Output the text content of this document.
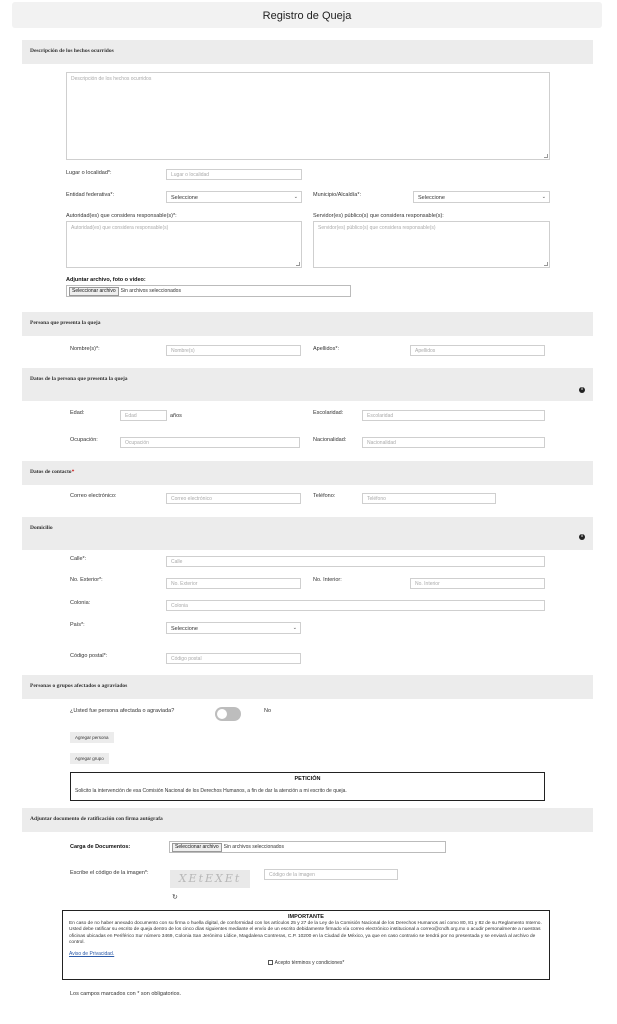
Registro de Queja
Descripción de los hechos ocurridos
Descripción de los hechos ocurridos
Lugar o localidad*:	Lugar o localidad
Entidad federativa*:	Seleccione	⌄	Municipio/Alcaldía*:	Seleccione	⌄
Autoridad(es) que considera responsable(s)*:
Autoridad(es) que considera responsable(s)
Servidor(es) público(s) que considera responsable(s):
Servidor(es) público(s) que considera responsable(s)
Adjuntar archivo, foto o video:
Seleccionar archivo Sin archivos seleccionados
Persona que presenta la queja
Nombre(s)*:	Nombre(s)	Apellidos*:	Apellidos
Datos de la persona que presenta la queja
i
Edad:	Edad	años	Escolaridad:	Escolaridad
Ocupación:	Ocupación	Nacionalidad:	Nacionalidad
Datos de contacto*
Correo electrónico:	Correo electrónico	Teléfono:	Teléfono
Domicilio
i
Calle*:	Calle
No. Exterior*:
No. Exterior
No. Interior:
No. Interior
Colonia:	Colonia
País*:
Seleccione	⌄
Código postal*:	Código postal
Personas o grupos afectados o agraviados
¿Usted fue persona afectada o agraviada?	No
Agregar persona
Agregar grupo
PETICIÓN
Solicito la intervención de esa Comisión Nacional de los Derechos Humanos, a fin de dar la atención a mi escrito de queja.
Adjuntar documento de ratificación con firma autógrafa
Carga de Documentos:	Seleccionar archivo Sin archivos seleccionados
Escribe el código de la imagen*:	XEtEXEt	Código de la imagen
↻
IMPORTANTE
En caso de no haber anexado documento con su firma o huella digital, de conformidad con los artículos 25 y 27 de la Ley de la Comisión Nacional de los Derechos Humanos así como 80, 81 y 82 de su Reglamento Interno. Usted debe ratificar su escrito de queja dentro de los cinco días siguientes mediante el envío de un escrito debidamente firmado vía correo electrónico institucional a correo@cndh.org.mx o acudir personalmente a nuestras oficinas ubicadas en Periférico Sur número 3469, Colonia San Jerónimo Lídice, Magdalena Contreras, C.P. 10200 en la Ciudad de México, ya que en caso contrario se tendrá por no presentada y se enviará al archivo de control.
Aviso de Privacidad.
Acepto términos y condiciones*
Los campos marcados con * son obligatorios.
